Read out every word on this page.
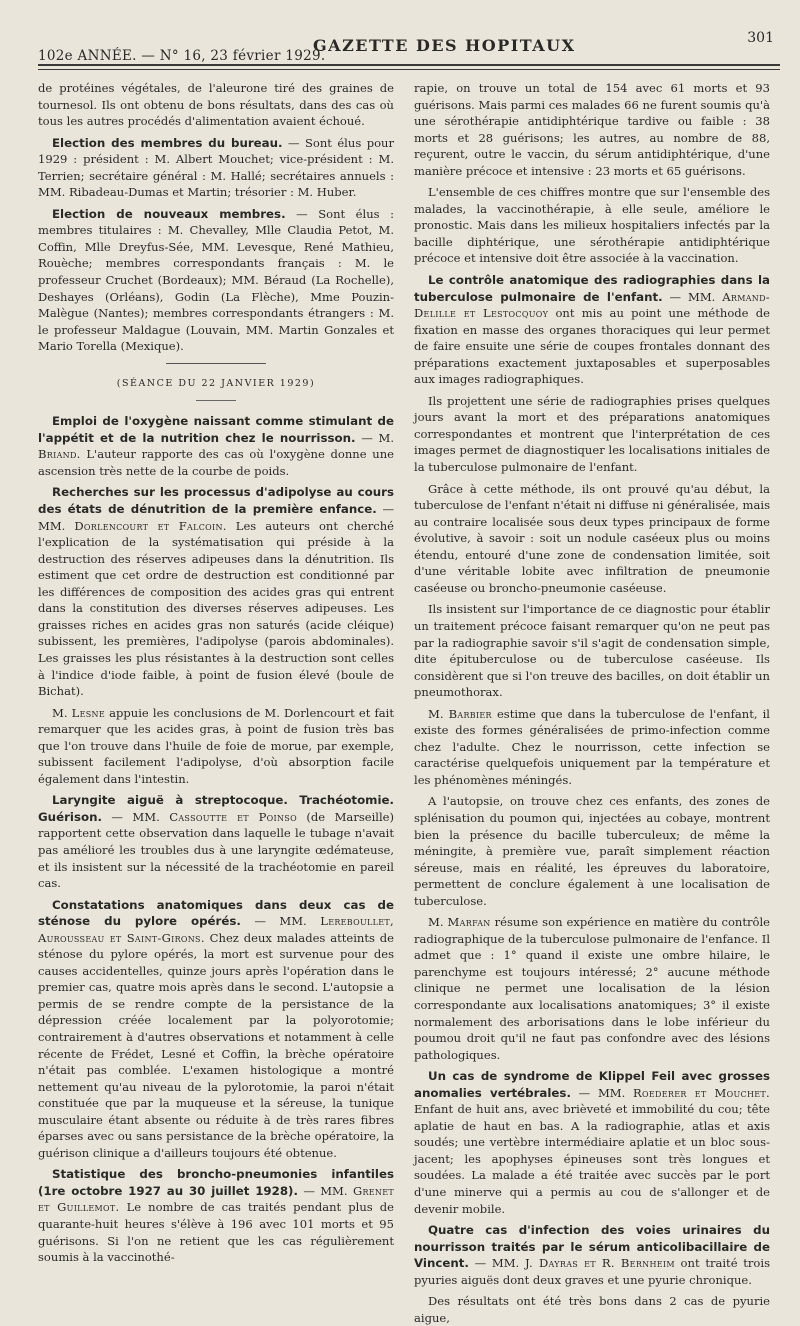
102e ANNÉE. — N° 16, 23 février 1929.
GAZETTE DES HOPITAUX	301

de protéines végétales, de l'aleurone tiré des graines de tournesol. Ils ont obtenu de bons résultats, dans des cas où tous les autres procédés d'alimentation avaient échoué.

Election des membres du bureau. — Sont élus pour 1929 : président : M. Albert Mouchet; vice-président : M. Terrien; secrétaire général : M. Hallé; secrétaires annuels : MM. Ribadeau-Dumas et Martin; trésorier : M. Huber.

Election de nouveaux membres. — Sont élus : membres titulaires : M. Chevalley, Mlle Claudia Petot, M. Coffin, Mlle Dreyfus-Sée, MM. Levesque, René Mathieu, Rouèche; membres correspondants français : M. le professeur Cruchet (Bordeaux); MM. Béraud (La Rochelle), Deshayes (Orléans), Godin (La Flèche), Mme Pouzin-Malègue (Nantes); membres correspondants étrangers : M. le professeur Maldague (Louvain, MM. Martin Gonzales et Mario Torella (Mexique).

(SÉANCE DU 22 JANVIER 1929)

Emploi de l'oxygène naissant comme stimulant de l'appétit et de la nutrition chez le nourrisson. — M. Briand. L'auteur rapporte des cas où l'oxygène donne une ascension très nette de la courbe de poids.

Recherches sur les processus d'adipolyse au cours des états de dénutrition de la première enfance. — MM. Dorlencourt et Falcoin. Les auteurs ont cherché l'explication de la systématisation qui préside à la destruction des réserves adipeuses dans la dénutrition. Ils estiment que cet ordre de destruction est conditionné par les différences de composition des acides gras qui entrent dans la constitution des diverses réserves adipeuses. Les graisses riches en acides gras non saturés (acide cléique) subissent, les premières, l'adipolyse (parois abdominales). Les graisses les plus résistantes à la destruction sont celles à l'indice d'iode faible, à point de fusion élevé (boule de Bichat).

M. Lesne appuie les conclusions de M. Dorlencourt et fait remarquer que les acides gras, à point de fusion très bas que l'on trouve dans l'huile de foie de morue, par exemple, subissent facilement l'adipolyse, d'où absorption facile également dans l'intestin.

Laryngite aiguë à streptocoque. Trachéotomie. Guérison. — MM. Cassoutte et Poinso (de Marseille) rapportent cette observation dans laquelle le tubage n'avait pas amélioré les troubles dus à une laryngite œdémateuse, et ils insistent sur la nécessité de la trachéotomie en pareil cas.

Constatations anatomiques dans deux cas de sténose du pylore opérés. — MM. Lereboullet, Aurousseau et Saint-Girons. Chez deux malades atteints de sténose du pylore opérés, la mort est survenue pour des causes accidentelles, quinze jours après l'opération dans le premier cas, quatre mois après dans le second. L'autopsie a permis de se rendre compte de la persistance de la dépression créée localement par la polyorotomie; contrairement à d'autres observations et notamment à celle récente de Frédet, Lesné et Coffin, la brèche opératoire n'était pas comblée. L'examen histologique a montré nettement qu'au niveau de la pylorotomie, la paroi n'était constituée que par la muqueuse et la séreuse, la tunique musculaire étant absente ou réduite à de très rares fibres éparses avec ou sans persistance de la brèche opératoire, la guérison clinique a d'ailleurs toujours été obtenue.

Statistique des broncho-pneumonies infantiles (1re octobre 1927 au 30 juillet 1928). — MM. Grenet et Guillemot. Le nombre de cas traités pendant plus de quarante-huit heures s'élève à 196 avec 101 morts et 95 guérisons. Si l'on ne retient que les cas régulièrement soumis à la vaccinothé-

rapie, on trouve un total de 154 avec 61 morts et 93 guérisons. Mais parmi ces malades 66 ne furent soumis qu'à une sérothérapie antidiphtérique tardive ou faible : 38 morts et 28 guérisons; les autres, au nombre de 88, reçurent, outre le vaccin, du sérum antidiphtérique, d'une manière précoce et intensive : 23 morts et 65 guérisons.

L'ensemble de ces chiffres montre que sur l'ensemble des malades, la vaccinothérapie, à elle seule, améliore le pronostic. Mais dans les milieux hospitaliers infectés par la bacille diphtérique, une sérothérapie antidiphtérique précoce et intensive doit être associée à la vaccination.

Le contrôle anatomique des radiographies dans la tuberculose pulmonaire de l'enfant. — MM. Armand-Delille et Lestocquoy ont mis au point une méthode de fixation en masse des organes thoraciques qui leur permet de faire ensuite une série de coupes frontales donnant des préparations exactement juxtaposables et superposables aux images radiographiques.

Ils projettent une série de radiographies prises quelques jours avant la mort et des préparations anatomiques correspondantes et montrent que l'interprétation de ces images permet de diagnostiquer les localisations initiales de la tuberculose pulmonaire de l'enfant.

Grâce à cette méthode, ils ont prouvé qu'au début, la tuberculose de l'enfant n'était ni diffuse ni généralisée, mais au contraire localisée sous deux types principaux de forme évolutive, à savoir : soit un nodule caséeux plus ou moins étendu, entouré d'une zone de condensation limitée, soit d'une véritable lobite avec infiltration de pneumonie caséeuse ou broncho-pneumonie caséeuse.

Ils insistent sur l'importance de ce diagnostic pour établir un traitement précoce faisant remarquer qu'on ne peut pas par la radiographie savoir s'il s'agit de condensation simple, dite épituberculose ou de tuberculose caséeuse. Ils considèrent que si l'on treuve des bacilles, on doit établir un pneumothorax.

M. Barbier estime que dans la tuberculose de l'enfant, il existe des formes généralisées de primo-infection comme chez l'adulte. Chez le nourrisson, cette infection se caractérise quelquefois uniquement par la température et les phénomènes méningés.

A l'autopsie, on trouve chez ces enfants, des zones de splénisation du poumon qui, injectées au cobaye, montrent bien la présence du bacille tuberculeux; de même la méningite, à première vue, paraît simplement réaction séreuse, mais en réalité, les épreuves du laboratoire, permettent de conclure également à une localisation de tuberculose.

M. Marfan résume son expérience en matière du contrôle radiographique de la tuberculose pulmonaire de l'enfance. Il admet que : 1° quand il existe une ombre hilaire, le parenchyme est toujours intéressé; 2° aucune méthode clinique ne permet une localisation de la lésion correspondante aux localisations anatomiques; 3° il existe normalement des arborisations dans le lobe inférieur du poumou droit qu'il ne faut pas confondre avec des lésions pathologiques.

Un cas de syndrome de Klippel Feil avec grosses anomalies vertébrales. — MM. Roederer et Mouchet. Enfant de huit ans, avec brièveté et immobilité du cou; tête aplatie de haut en bas. A la radiographie, atlas et axis soudés; une vertèbre intermédiaire aplatie et un bloc sous-jacent; les apophyses épineuses sont très longues et soudées. La malade a été traitée avec succès par le port d'une minerve qui a permis au cou de s'allonger et de devenir mobile.

Quatre cas d'infection des voies urinaires du nourrisson traités par le sérum anticolibacillaire de Vincent. — MM. J. Dayras et R. Bernheim ont traité trois pyuries aiguës dont deux graves et une pyurie chronique.

Des résultats ont été très bons dans 2 cas de pyurie aigue,
